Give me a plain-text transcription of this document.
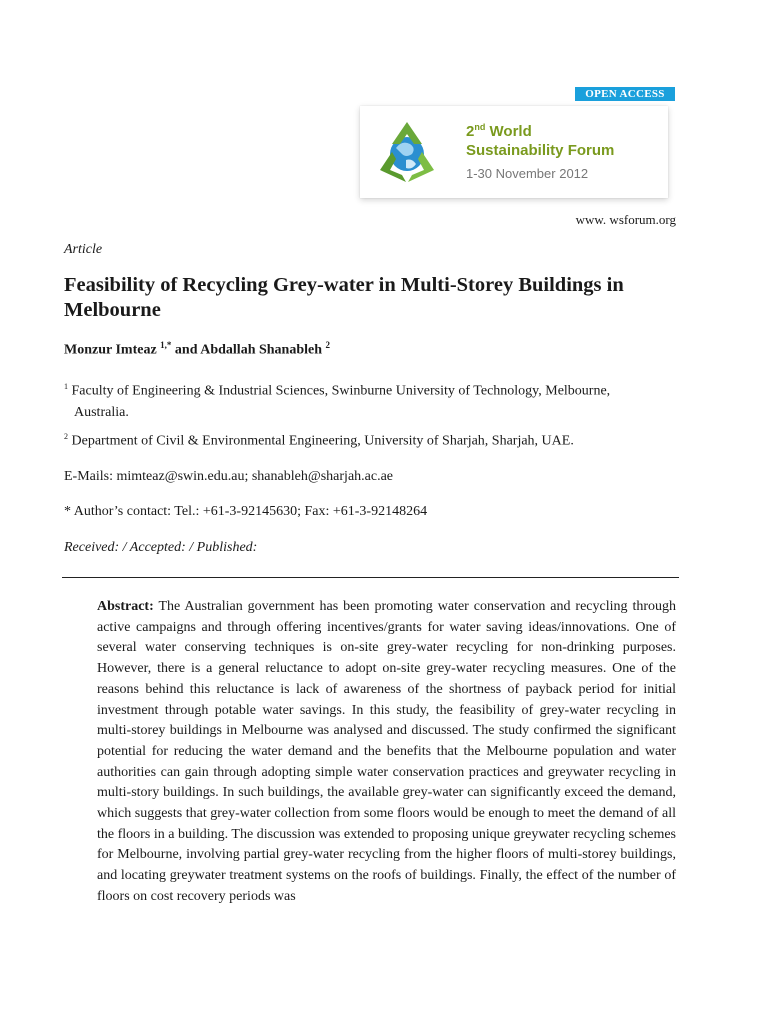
OPEN ACCESS
2nd World
Sustainability Forum
1-30 November 2012
www. wsforum.org
Article
Feasibility of Recycling Grey-water in Multi-Storey Buildings in Melbourne
Monzur Imteaz $^{1,*}$ and Abdallah Shanableh $^2$
$^1$ Faculty of Engineering & Industrial Sciences, Swinburne University of Technology, Melbourne,
Australia.
$^2$ Department of Civil & Environmental Engineering, University of Sharjah, Sharjah, UAE.
E-Mails: mimteaz@swin.edu.au; shanableh@sharjah.ac.ae
* Author’s contact: Tel.: +61-3-92145630; Fax: +61-3-92148264
Received: / Accepted: / Published:

Abstract: The Australian government has been promoting water conservation and recycling through active campaigns and through offering incentives/grants for water saving ideas/innovations. One of several water conserving techniques is on-site grey-water recycling for non-drinking purposes. However, there is a general reluctance to adopt on-site grey-water recycling measures. One of the reasons behind this reluctance is lack of awareness of the shortness of payback period for initial investment through potable water savings. In this study, the feasibility of grey-water recycling in multi-storey buildings in Melbourne was analysed and discussed. The study confirmed the significant potential for reducing the water demand and the benefits that the Melbourne population and water authorities can gain through adopting simple water conservation practices and greywater recycling in multi-story buildings. In such buildings, the available grey-water can significantly exceed the demand, which suggests that grey-water collection from some floors would be enough to meet the demand of all the floors in a building. The discussion was extended to proposing unique greywater recycling schemes for Melbourne, involving partial grey-water recycling from the higher floors of multi-storey buildings, and locating greywater treatment systems on the roofs of buildings. Finally, the effect of the number of floors on cost recovery periods was
